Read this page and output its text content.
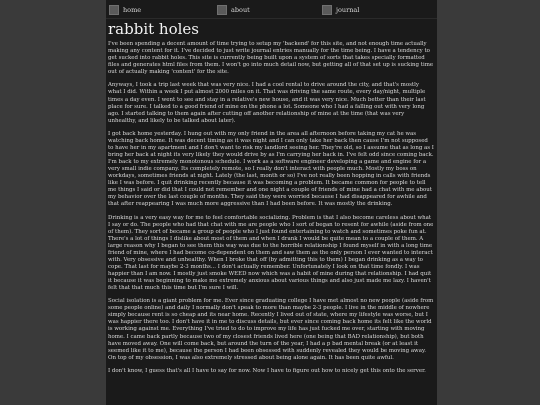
home	about	journal
rabbit holes

I've been spending a decent amount of time trying to setup my 'backend' for this site, and not enough time actually making any content for it. I've decided to just write journal entries manually for the time being. I have a tendency to get sucked into rabbit holes. This site is currently being built upon a system of sorts that takes specially formatted files and generates html files from them. I won't go into much detail now, but getting all of that set up is sucking time out of actually making 'content' for the site.

Anyways, I took a trip last week that was very nice. I had a cool rental to drive around the city, and that's mostly what I did. Within a week I put almost 2000 miles on it. That was driving the same route, every day/night, multiple times a day even. I went to see and stay in a relative's new house, and it was very nice. Much better than their last place for sure. I talked to a good friend of mine on the phone a lot. Someone who I had a falling out with very long ago. I started talking to them again after cutting off another relationship of mine at the time (that was very unhealthy, and likely to be talked about later).

I got back home yesterday. I hung out with my only friend in the area all afternoon before taking my cat he was watching back home. It was decent timing as it was night and I can only take her back then cause I'm not supposed to have her in my apartment and I don't want to risk my landlord seeing her. They're old, so I assume that as long as I bring her back at night its very likely they would drive by as I'm carrying her back in. I've felt odd since coming back. I'm back to my extremely monotonous schedule. I work as a software engineer developing a game and engine for a very small indie company. Its completely remote, so I really don't interact with people much. Mostly my boss on workdays, sometimes friends at night. Lately (the last, month or so) I've not really been hopping in calls with friends like I was before. I quit drinking recently because it was becoming a problem. It became common for people to tell me things I said or did that I could not remember and one night a couple of friends of mine had a chat with me about my behavior over the last couple of months. They said they were worried because I had disappeared for awhile and that after reappearing I was much more aggressive than I had been before. It was mostly the drinking.

Drinking is a very easy way for me to feel comfortable socializing. Problem is that I also become careless about what I say or do. The people who had that chat with me are people who I sort of began to resent for awhile (aside from one of them). They sort of became a group of people who I just found entertaining to watch and sometimes poke fun at. There's a lot of things I dislike about most of them and when I drank I would be quite mean to a couple of them. A large reason why I began to see them this way was due to the horrible relationship I found myself in with a long time friend of mine, where I had become co-dependent on them and saw them as the only person I ever wanted to interact with. Very obsessive and unhealthy. When I broke that off (by admitting this to them) I began drinking as a way to cope. That last for maybe 2-3 months... I don't actually remember. Unfortunately I look on that time fondly. I was happier than I am now. I mostly just smoke WEED now which was a habit of mine during that relationship. I had quit it because it was beginning to make me extremely anxious about various things and also just made me lazy. I haven't felt that that much this time but I'm sure I will.

Social isolation is a giant problem for me. Ever since graduating college I have met almost no new people (aside from some people online) and daily I normally don't speak to more than maybe 2-3 people. I live in the middle of nowhere simply because rent is so cheap and its near home. Recently I lived out of state, where my lifestyle was worse, but I was happier there too. I don't have it in me to discuss details, but ever since coming back home its felt like the world is working against me. Everything I've tried to do to improve my life has just fucked me over, starting with moving home. I came back partly because two of my closest friends lived here (one being that BAD relationship), but both have moved away. One will come back, but around the turn of the year, I had a p bad mental break (or at least it seemed like it to me), because the person I had been obsessed with suddenly revealed they would be moving away. On top of my obsession, I was also extremely stressed about being alone again. It has been quite awful.

I don't know, I guess that's all I have to say for now. Now I have to figure out how to nicely get this onto the server.
